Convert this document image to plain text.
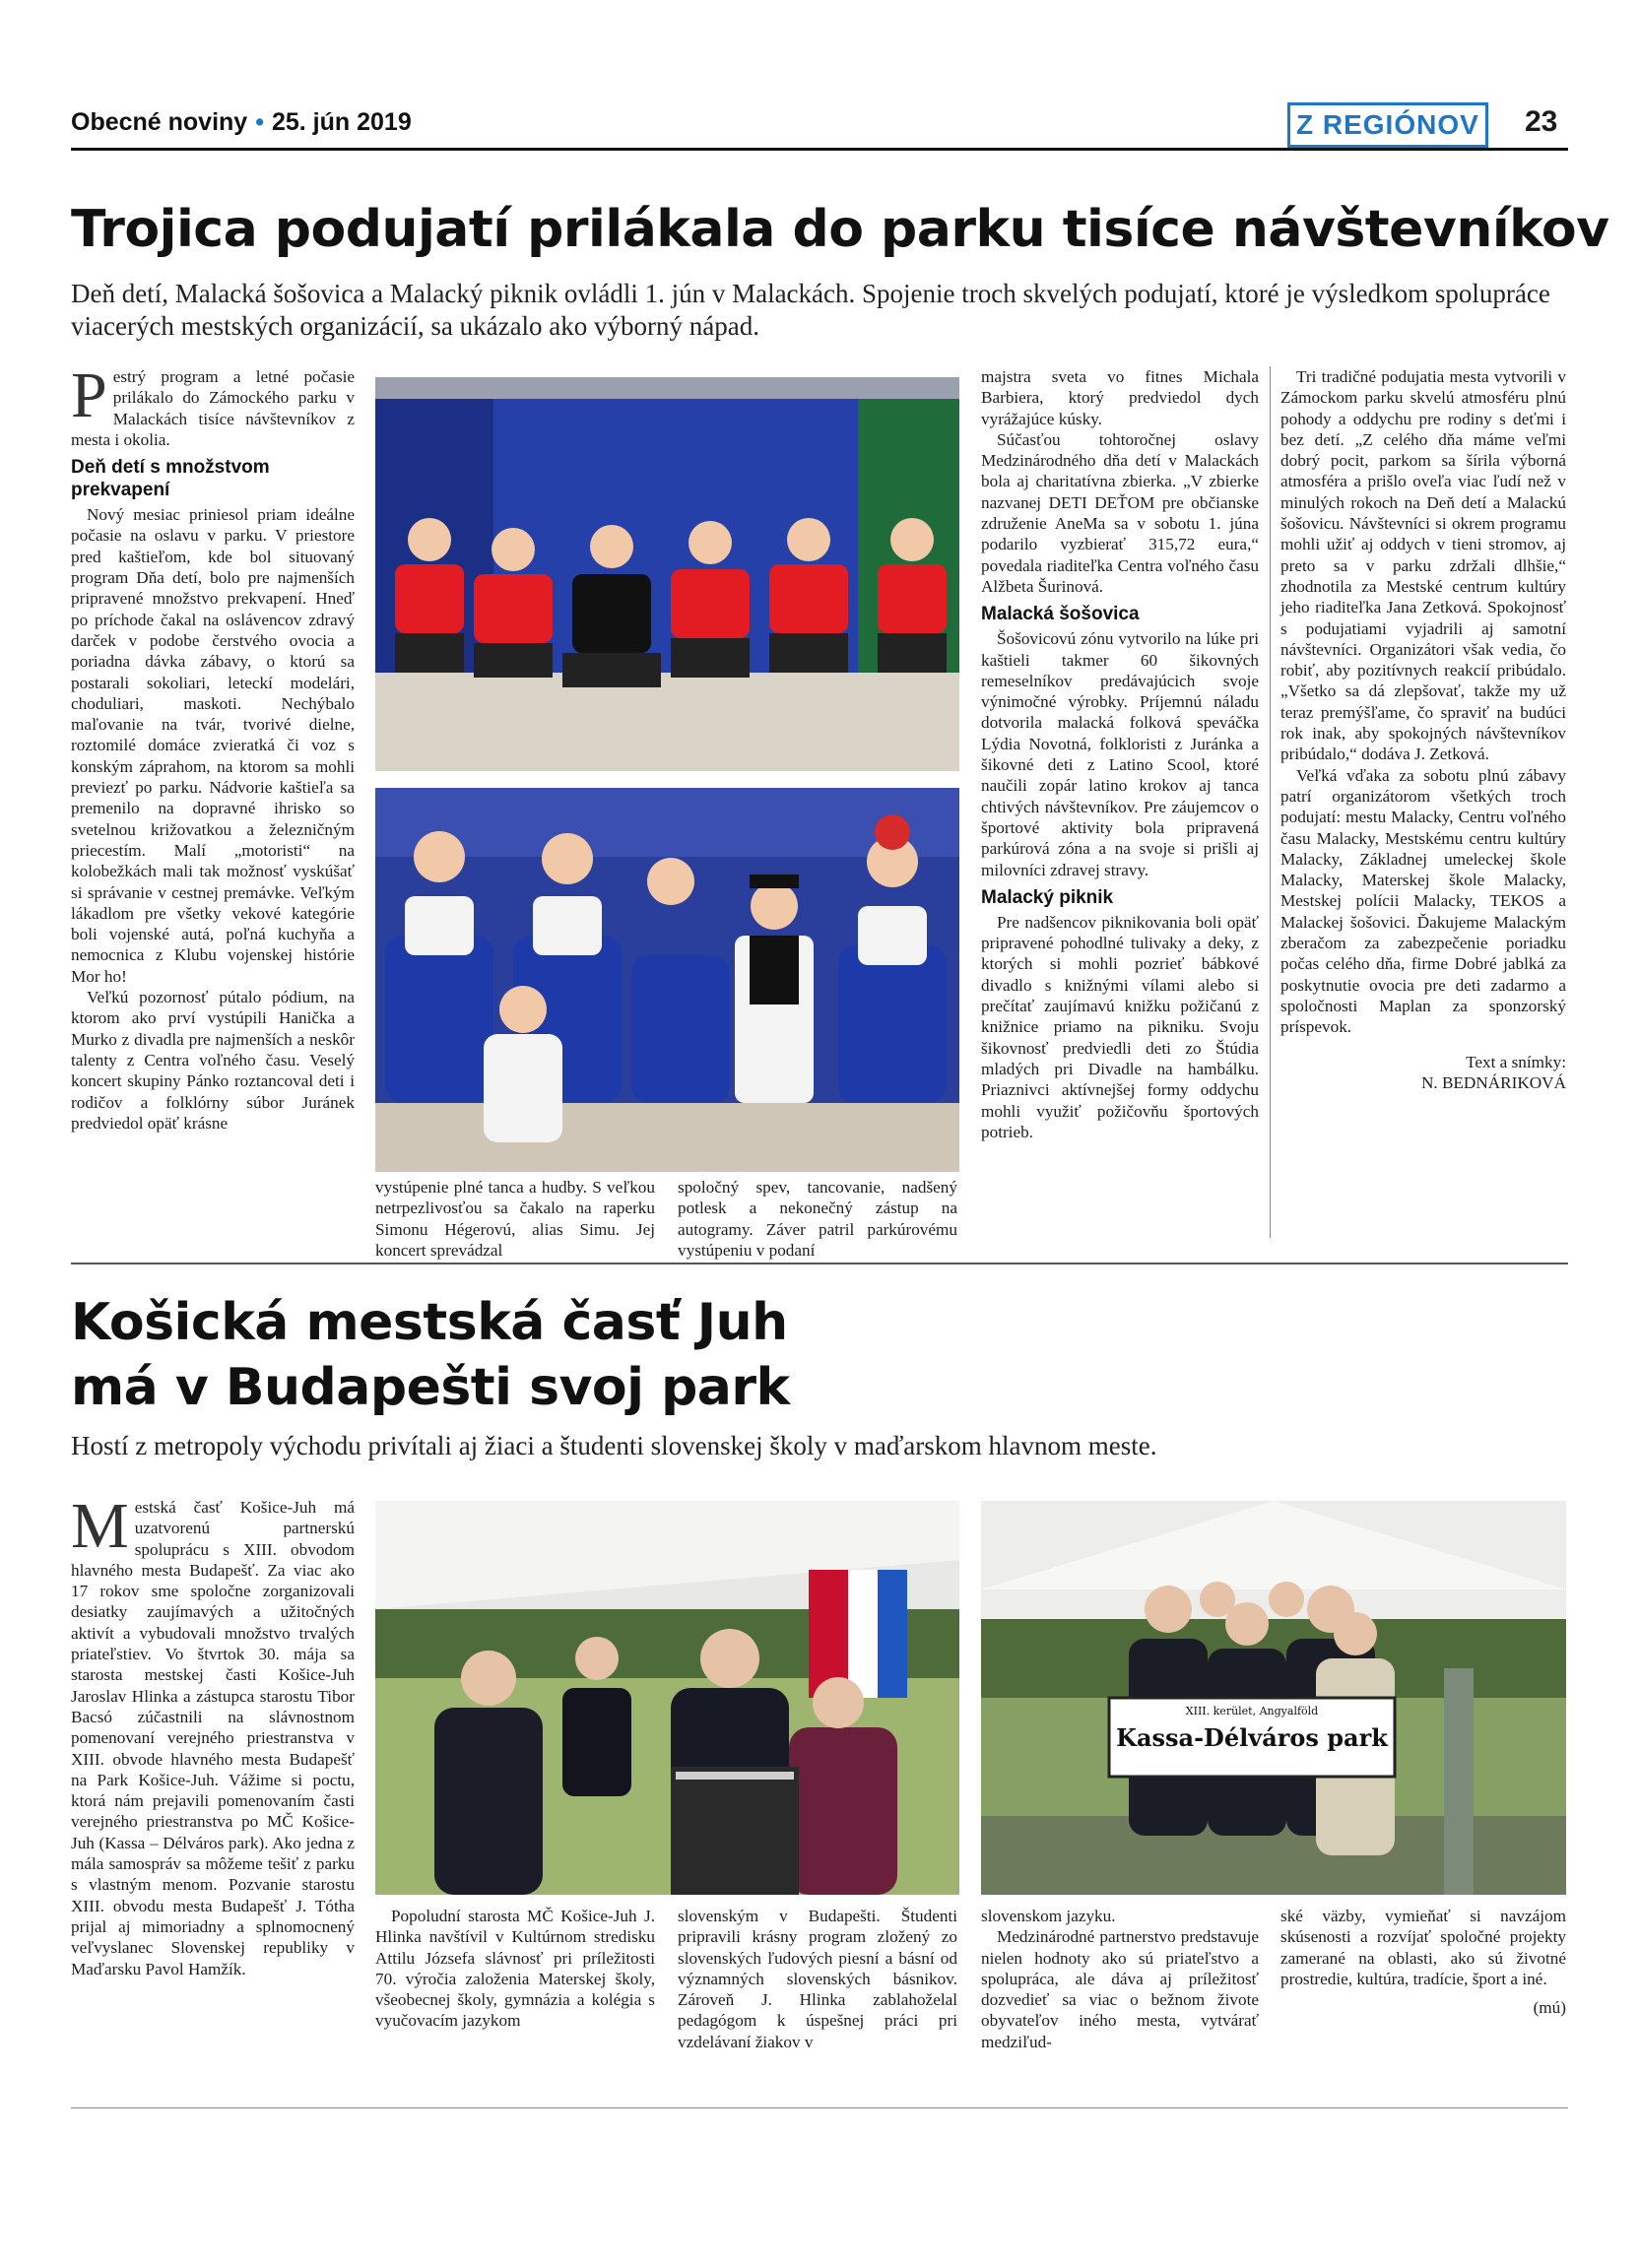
Obecné noviny • 25. jún 2019	Z REGIÓNOV	23
Trojica podujatí prilákala do parku tisíce návštevníkov
Deň detí, Malacká šošovica a Malacký piknik ovládli 1. jún v Malackách. Spojenie troch skvelých podujatí, ktoré je výsledkom spolupráce viacerých mestských organizácií, sa ukázalo ako výborný nápad.

Pestrý program a letné počasie prilákalo do Zámockého parku v Malackách tisíce návštevníkov z mesta i okolia.

Deň detí s množstvom prekvapení

Nový mesiac priniesol priam ideálne počasie na oslavu v parku. V priestore pred kaštieľom, kde bol situovaný program Dňa detí, bolo pre najmenších pripravené množstvo prekvapení. Hneď po príchode čakal na oslávencov zdravý darček v podobe čerstvého ovocia a poriadna dávka zábavy, o ktorú sa postarali sokoliari, leteckí modelári, choduliari, maskoti. Nechýbalo maľovanie na tvár, tvorivé dielne, roztomilé domáce zvieratká či voz s konským záprahom, na ktorom sa mohli previezť po parku. Nádvorie kaštieľa sa premenilo na dopravné ihrisko so svetelnou križovatkou a železničným priecestím. Malí „motoristi“ na kolobežkách mali tak možnosť vyskúšať si správanie v cestnej premávke. Veľkým lákadlom pre všetky vekové kategórie boli vojenské autá, poľná kuchyňa a nemocnica z Klubu vojenskej histórie Mor ho!

Veľkú pozornosť pútalo pódium, na ktorom ako prví vystúpili Hanička a Murko z divadla pre najmenších a neskôr talenty z Centra voľného času. Veselý koncert skupiny Pánko roztancoval deti i rodičov a folklórny súbor Juránek predviedol opäť krásne

vystúpenie plné tanca a hudby. S veľkou netrpezlivosťou sa čakalo na raperku Simonu Hégerovú, alias Simu. Jej koncert sprevádzal

spoločný spev, tancovanie, nadšený potlesk a nekonečný zástup na autogramy. Záver patril parkúrovému vystúpeniu v podaní

majstra sveta vo fitnes Michala Barbiera, ktorý predviedol dych vyrážajúce kúsky.

Súčasťou tohtoročnej oslavy Medzinárodného dňa detí v Malackách bola aj charitatívna zbierka. „V zbierke nazvanej DETI DEŤOM pre občianske združenie AneMa sa v sobotu 1. júna podarilo vyzbierať 315,72 eura,“ povedala riaditeľka Centra voľného času Alžbeta Šurinová.

Malacká šošovica

Šošovicovú zónu vytvorilo na lúke pri kaštieli takmer 60 šikovných remeselníkov predávajúcich svoje výnimočné výrobky. Príjemnú náladu dotvorila malacká folková speváčka Lýdia Novotná, folkloristi z Juránka a šikovné deti z Latino Scool, ktoré naučili zopár latino krokov aj tanca chtivých návštevníkov. Pre záujemcov o športové aktivity bola pripravená parkúrová zóna a na svoje si prišli aj milovníci zdravej stravy.

Malacký piknik

Pre nadšencov piknikovania boli opäť pripravené pohodlné tulivaky a deky, z ktorých si mohli pozrieť bábkové divadlo s knižnými vílami alebo si prečítať zaujímavú knižku požičanú z knižnice priamo na pikniku. Svoju šikovnosť predviedli deti zo Štúdia mladých pri Divadle na hambálku. Priaznivci aktívnejšej formy oddychu mohli využiť požičovňu športových potrieb.

Tri tradičné podujatia mesta vytvorili v Zámockom parku skvelú atmosféru plnú pohody a oddychu pre rodiny s deťmi i bez detí. „Z celého dňa máme veľmi dobrý pocit, parkom sa šírila výborná atmosféra a prišlo oveľa viac ľudí než v minulých rokoch na Deň detí a Malackú šošovicu. Návštevníci si okrem programu mohli užiť aj oddych v tieni stromov, aj preto sa v parku zdržali dlhšie,“ zhodnotila za Mestské centrum kultúry jeho riaditeľka Jana Zetková. Spokojnosť s podujatiami vyjadrili aj samotní návštevníci. Organizátori však vedia, čo robiť, aby pozitívnych reakcií pribúdalo. „Všetko sa dá zlepšovať, takže my už teraz premýšľame, čo spraviť na budúci rok inak, aby spokojných návštevníkov pribúdalo,“ dodáva J. Zetková.

Veľká vďaka za sobotu plnú zábavy patrí organizátorom všetkých troch podujatí: mestu Malacky, Centru voľného času Malacky, Mestskému centru kultúry Malacky, Základnej umeleckej škole Malacky, Materskej škole Malacky, Mestskej polícii Malacky, TEKOS a Malackej šošovici. Ďakujeme Malackým zberačom za zabezpečenie poriadku počas celého dňa, firme Dobré jablká za poskytnutie ovocia pre deti zadarmo a spoločnosti Maplan za sponzorský príspevok.

Text a snímky:

N. BEDNÁRIKOVÁ

Košická mestská časť Juh
má v Budapešti svoj park
Hostí z metropoly východu privítali aj žiaci a študenti slovenskej školy v maďarskom hlavnom meste.

Mestská časť Košice-Juh má uzatvorenú partnerskú spoluprácu s XIII. obvodom hlavného mesta Budapešť. Za viac ako 17 rokov sme spoločne zorganizovali desiatky zaujímavých a užitočných aktivít a vybudovali množstvo trvalých priateľstiev. Vo štvrtok 30. mája sa starosta mestskej časti Košice-Juh Jaroslav Hlinka a zástupca starostu Tibor Bacsó zúčastnili na slávnostnom pomenovaní verejného priestranstva v XIII. obvode hlavného mesta Budapešť na Park Košice-Juh. Vážime si poctu, ktorá nám prejavili pomenovaním časti verejného priestranstva po MČ Košice-Juh (Kassa – Délváros park). Ako jedna z mála samospráv sa môžeme tešiť z parku s vlastným menom. Pozvanie starostu XIII. obvodu mesta Budapešť J. Tótha prijal aj mimoriadny a splnomocnený veľvyslanec Slovenskej republiky v Maďarsku Pavol Hamžík.

XIII. kerület, Angyalföld
Kassa-Délváros park

Popoludní starosta MČ Košice-Juh J. Hlinka navštívil v Kultúrnom stredisku Attilu Józsefa slávnosť pri príležitosti 70. výročia založenia Materskej školy, všeobecnej školy, gymnázia a kolégia s vyučovacím jazykom

slovenským v Budapešti. Študenti pripravili krásny program zložený zo slovenských ľudových piesní a básní od významných slovenských básnikov. Zároveň J. Hlinka zablahoželal pedagógom k úspešnej práci pri vzdelávaní žiakov v

slovenskom jazyku.

Medzinárodné partnerstvo predstavuje nielen hodnoty ako sú priateľstvo a spolupráca, ale dáva aj príležitosť dozvedieť sa viac o bežnom živote obyvateľov iného mesta, vytvárať medziľud-

ské väzby, vymieňať si navzájom skúsenosti a rozvíjať spoločné projekty zamerané na oblasti, ako sú životné prostredie, kultúra, tradície, šport a iné.

(mú)
